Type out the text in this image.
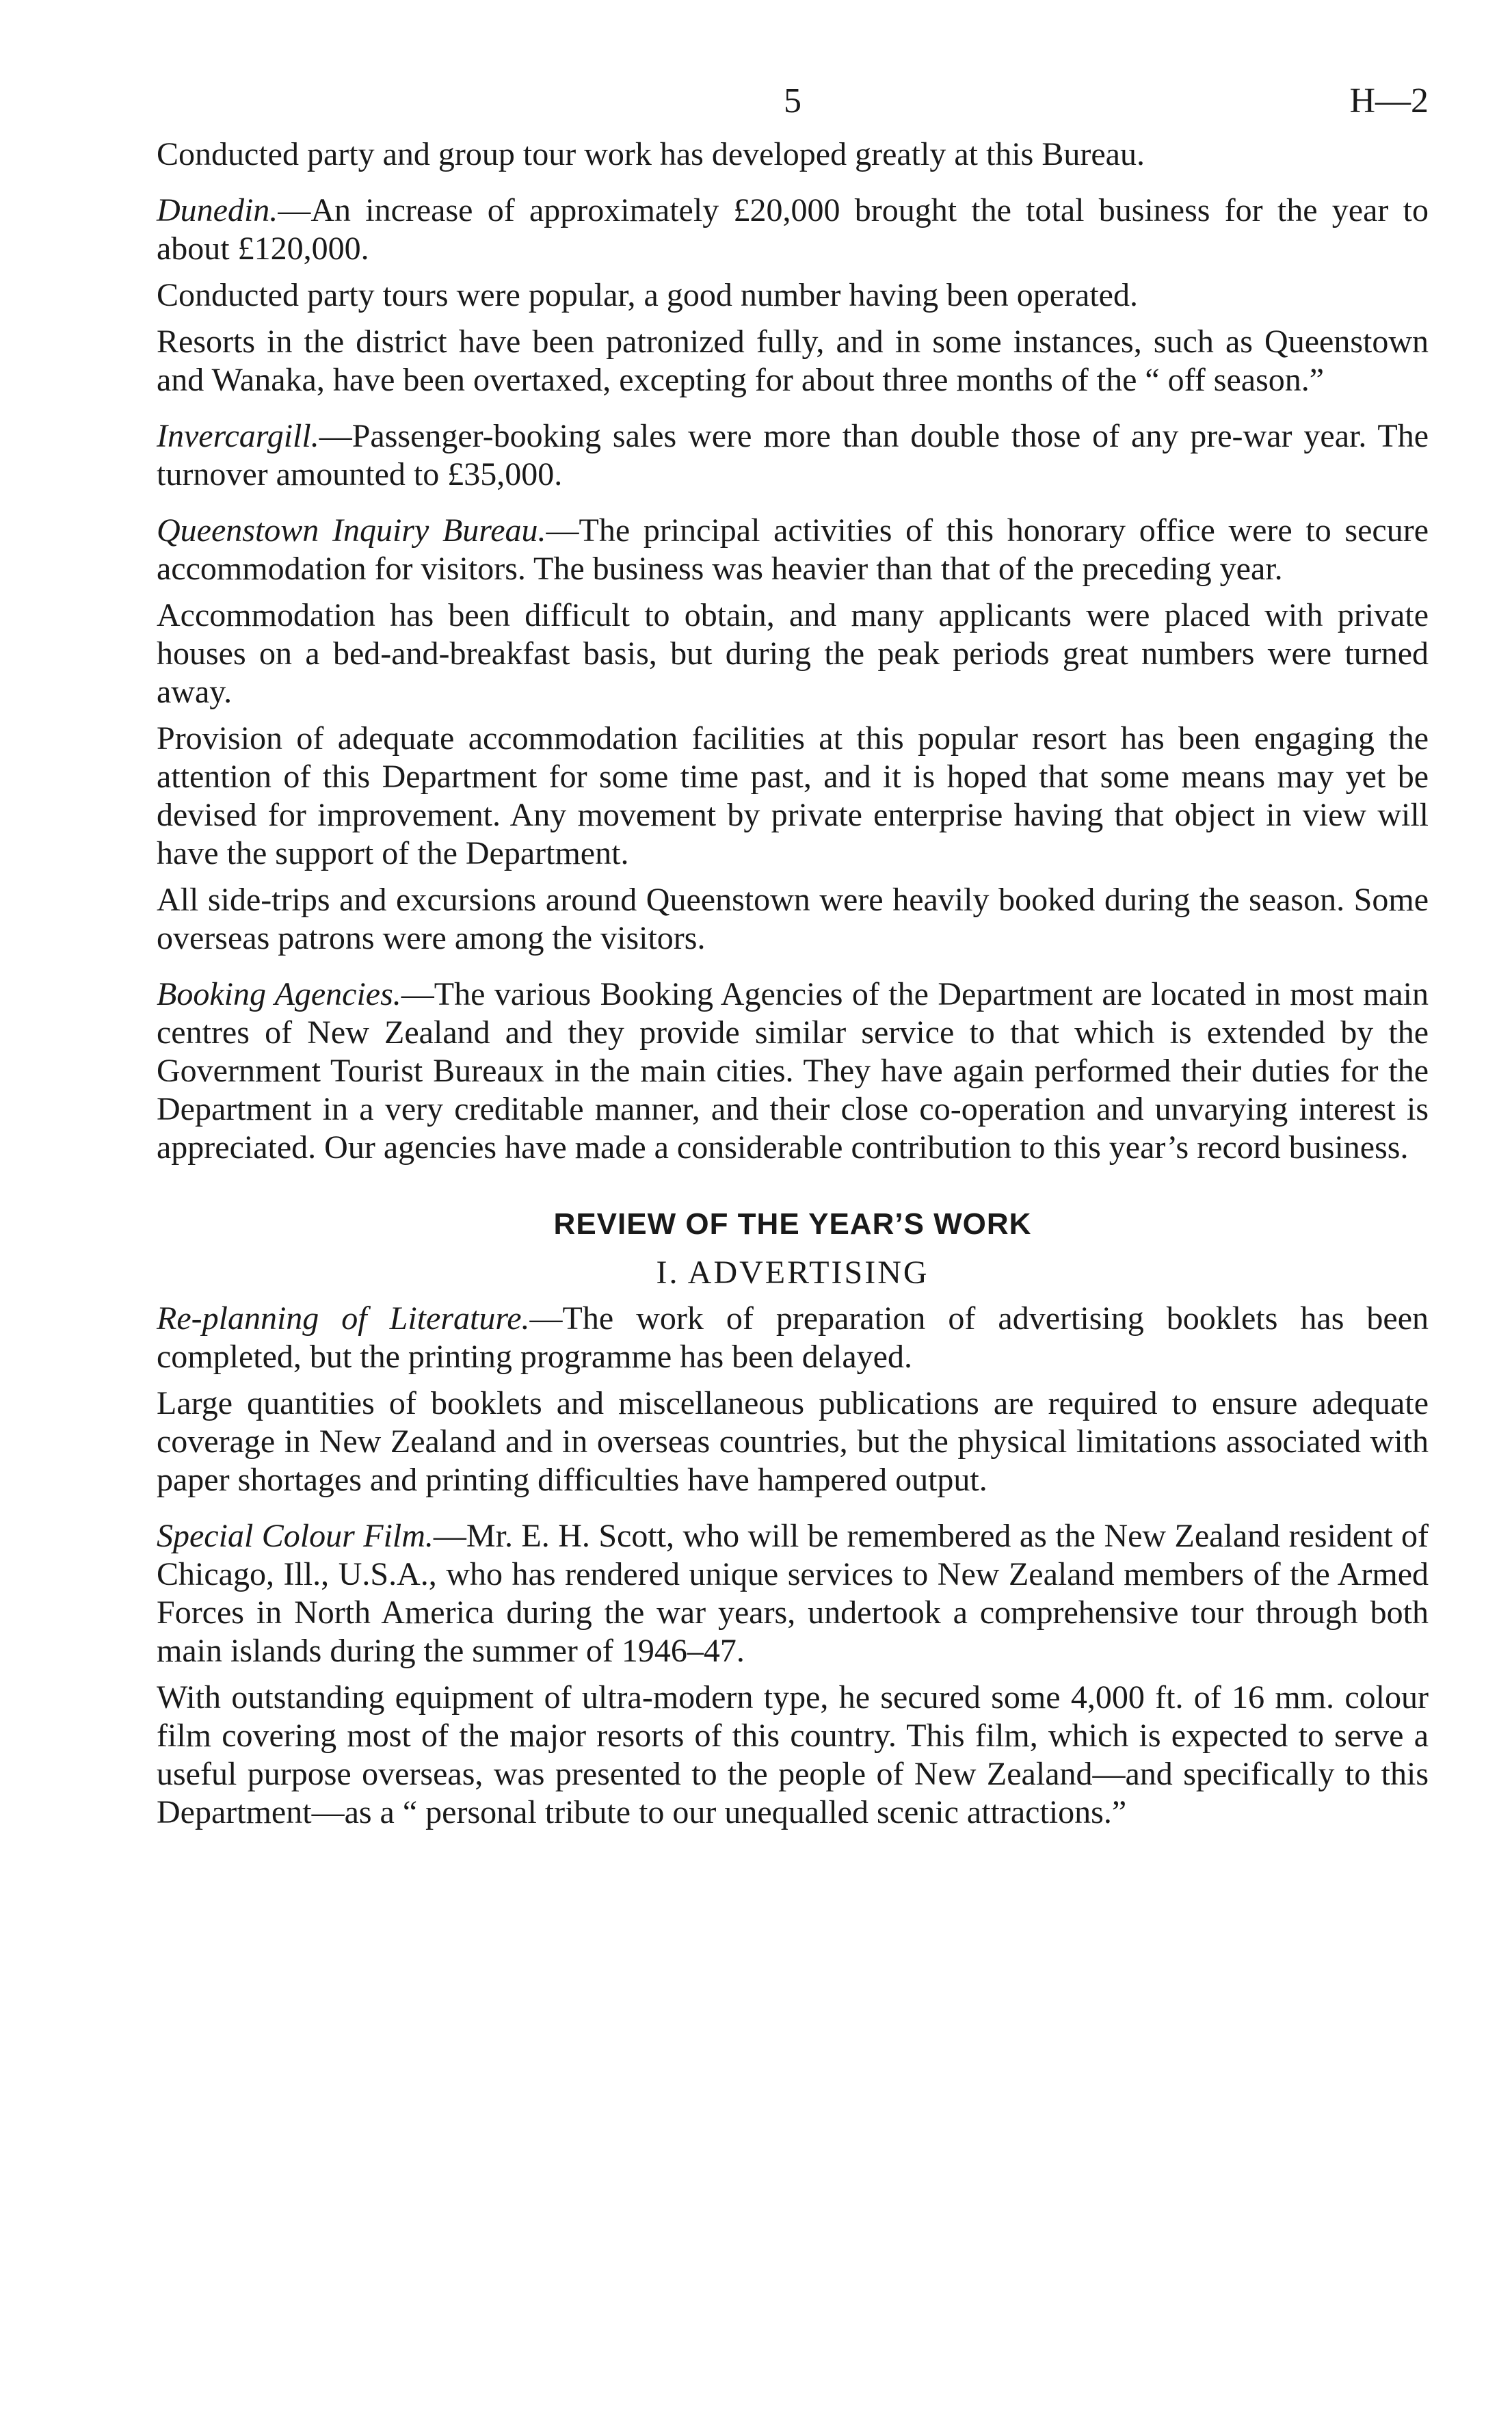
5	H—2

Conducted party and group tour work has developed greatly at this Bureau.

Dunedin.—An increase of approximately £20,000 brought the total business for the year to about £120,000.

Conducted party tours were popular, a good number having been operated.

Resorts in the district have been patronized fully, and in some instances, such as Queenstown and Wanaka, have been overtaxed, excepting for about three months of the “ off season.”

Invercargill.—Passenger-booking sales were more than double those of any pre-war year. The turnover amounted to £35,000.

Queenstown Inquiry Bureau.—The principal activities of this honorary office were to secure accommodation for visitors. The business was heavier than that of the preceding year.

Accommodation has been difficult to obtain, and many applicants were placed with private houses on a bed-and-breakfast basis, but during the peak periods great numbers were turned away.

Provision of adequate accommodation facilities at this popular resort has been engaging the attention of this Department for some time past, and it is hoped that some means may yet be devised for improvement. Any movement by private enterprise having that object in view will have the support of the Department.

All side-trips and excursions around Queenstown were heavily booked during the season. Some overseas patrons were among the visitors.

Booking Agencies.—The various Booking Agencies of the Department are located in most main centres of New Zealand and they provide similar service to that which is extended by the Government Tourist Bureaux in the main cities. They have again performed their duties for the Department in a very creditable manner, and their close co-operation and unvarying interest is appreciated. Our agencies have made a considerable contribution to this year’s record business.

REVIEW OF THE YEAR’S WORK
I. ADVERTISING

Re-planning of Literature.—The work of preparation of advertising booklets has been completed, but the printing programme has been delayed.

Large quantities of booklets and miscellaneous publications are required to ensure adequate coverage in New Zealand and in overseas countries, but the physical limitations associated with paper shortages and printing difficulties have hampered output.

Special Colour Film.—Mr. E. H. Scott, who will be remembered as the New Zealand resident of Chicago, Ill., U.S.A., who has rendered unique services to New Zealand members of the Armed Forces in North America during the war years, undertook a comprehensive tour through both main islands during the summer of 1946–47.

With outstanding equipment of ultra-modern type, he secured some 4,000 ft. of 16 mm. colour film covering most of the major resorts of this country. This film, which is expected to serve a useful purpose overseas, was presented to the people of New Zealand—and specifically to this Department—as a “ personal tribute to our unequalled scenic attractions.”
